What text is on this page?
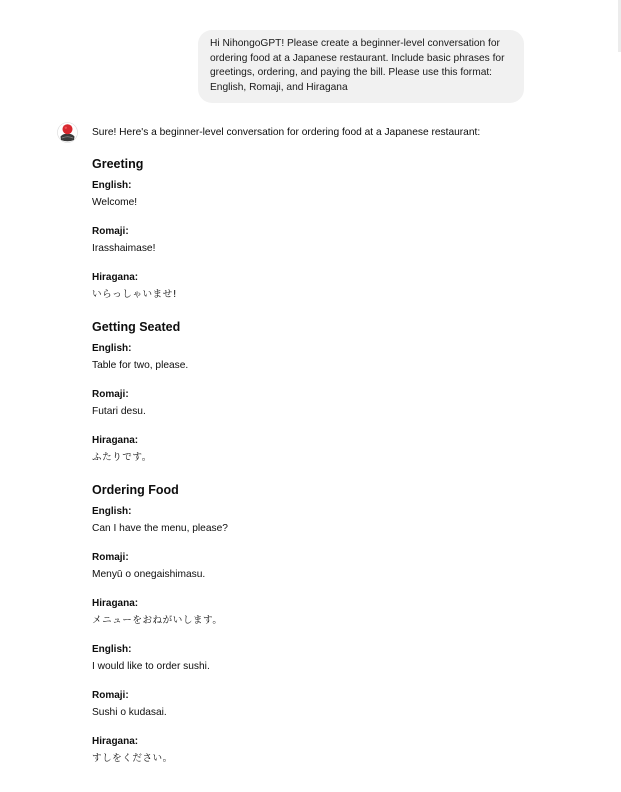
Hi NihongoGPT! Please create a beginner-level conversation for ordering food at a Japanese restaurant. Include basic phrases for greetings, ordering, and paying the bill. Please use this format: English, Romaji, and Hiragana

Sure! Here's a beginner-level conversation for ordering food at a Japanese restaurant:

Greeting

English:

Welcome!

Romaji:

Irasshaimase!

Hiragana:

いらっしゃいませ!

Getting Seated

English:

Table for two, please.

Romaji:

Futari desu.

Hiragana:

ふたりです。

Ordering Food

English:

Can I have the menu, please?

Romaji:

Menyū o onegaishimasu.

Hiragana:

メニューをおねがいします。

English:

I would like to order sushi.

Romaji:

Sushi o kudasai.

Hiragana:

すしをください。
